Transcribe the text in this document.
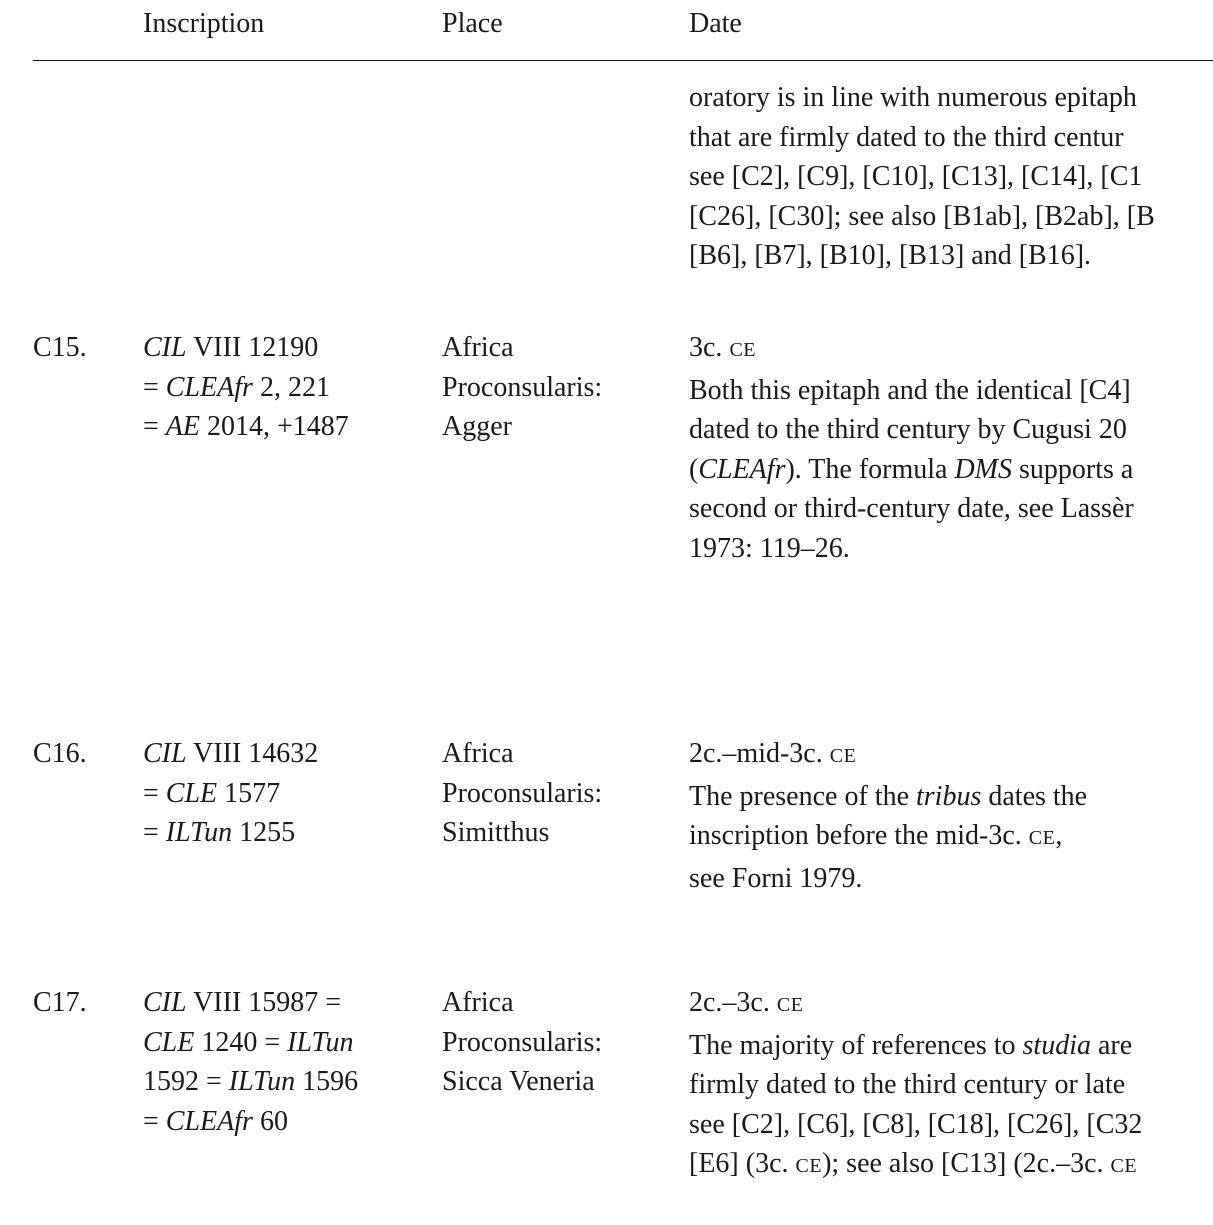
Inscription	Place	Date
oratory is in line with numerous epitaph
that are firmly dated to the third centur
see [C2], [C9], [C10], [C13], [C14], [C1
[C26], [C30]; see also [B1ab], [B2ab], [B
[B6], [B7], [B10], [B13] and [B16].
C15. CIL VIII 12190
= CLEAfr 2, 221
= AE 2014, +1487
Africa
Proconsularis:
Agger
3c. CE
Both this epitaph and the identical [C4]
dated to the third century by Cugusi 20
(CLEAfr). The formula DMS supports a
second or third-century date, see Lassèr
1973: 119–26.
C16. CIL VIII 14632
= CLE 1577
= ILTun 1255
Africa
Proconsularis:
Simitthus
2c.–mid-3c. CE
The presence of the tribus dates the
inscription before the mid-3c. CE,
see Forni 1979.
C17. CIL VIII 15987 =
CLE 1240 = ILTun
1592 = ILTun 1596
= CLEAfr 60
Africa
Proconsularis:
Sicca Veneria
2c.–3c. CE
The majority of references to studia are
firmly dated to the third century or late
see [C2], [C6], [C8], [C18], [C26], [C32
[E6] (3c. CE); see also [C13] (2c.–3c. CE
